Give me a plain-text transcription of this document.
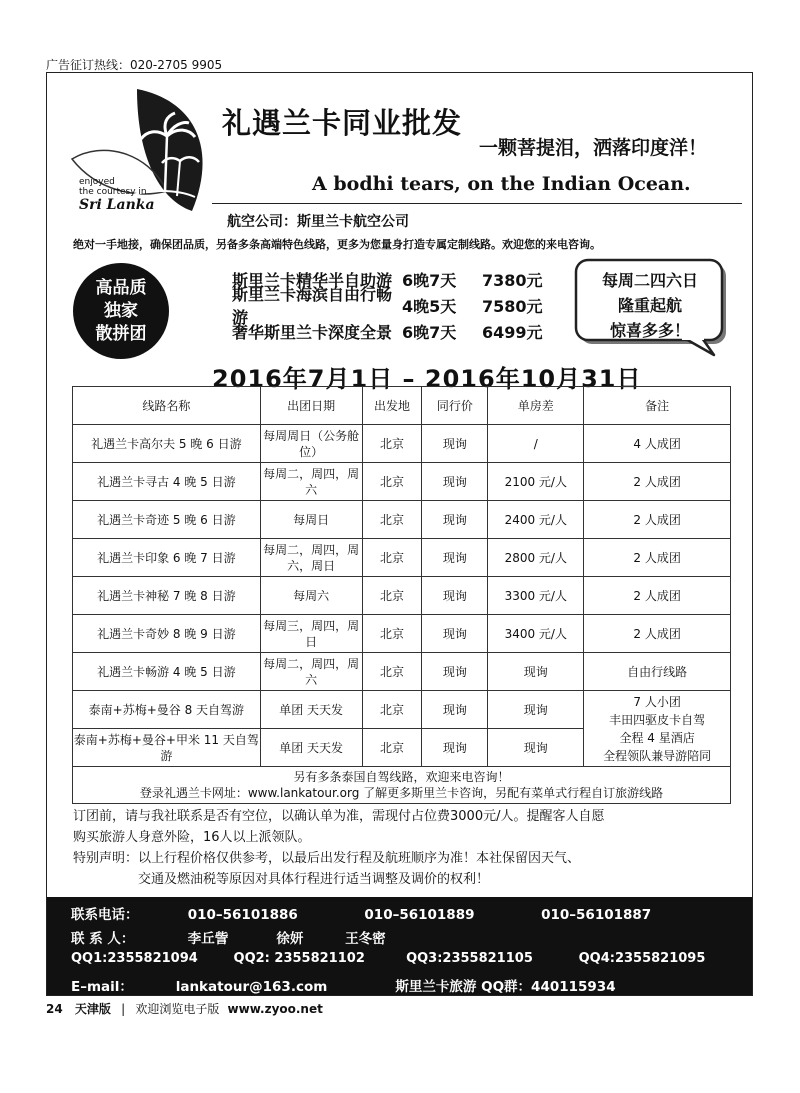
广告征订热线：020-2705 9905
enjoyed
the courtesy in
Sri Lanka
礼遇兰卡同业批发
一颗菩提泪，洒落印度洋！
A bodhi tears, on the Indian Ocean.
航空公司：斯里兰卡航空公司
绝对一手地接，确保团品质，另备多条高端特色线路，更多为您量身打造专属定制线路。欢迎您的来电咨询。
高品质
独家
散拼团
斯里兰卡精华半自助游 6晚7天	7380元
斯里兰卡海滨自由行畅游
4晚5天	7580元
奢华斯里兰卡深度全景 6晚7天	6499元
每周二四六日
隆重起航
惊喜多多！
2016年7月1日 – 2016年10月31日
线路名称	出团日期	出发地	同行价	单房差	备注
礼遇兰卡高尔夫 5 晚 6 日游	每周周日（公务舱位）	北京	现询	/	4 人成团
礼遇兰卡寻古 4 晚 5 日游	每周二，周四，周六	北京	现询	2100 元/人	2 人成团
礼遇兰卡奇迹 5 晚 6 日游	每周日	北京	现询	2400 元/人	2 人成团
礼遇兰卡印象 6 晚 7 日游	每周二，周四，周六，周日	北京	现询	2800 元/人	2 人成团
礼遇兰卡神秘 7 晚 8 日游	每周六	北京	现询	3300 元/人	2 人成团
礼遇兰卡奇妙 8 晚 9 日游	每周三，周四，周日	北京	现询	3400 元/人	2 人成团
礼遇兰卡畅游 4 晚 5 日游	每周二，周四，周六	北京	现询	现询	自由行线路
泰南+苏梅+曼谷 8 天自驾游	单团 天天发	北京	现询	现询	7 人小团
丰田四驱皮卡自驾
全程 4 星酒店
全程领队兼导游陪同

泰南+苏梅+曼谷+甲米 11 天自驾游	单团 天天发	北京	现询	现询	

另有多条泰国自驾线路，欢迎来电咨询！
登录礼遇兰卡网址：www.lankatour.org 了解更多斯里兰卡咨询，另配有菜单式行程自订旅游线路					
订团前，请与我社联系是否有空位，以确认单为准，需现付占位费3000元/人。提醒客人自愿
购买旅游人身意外险，16人以上派领队。
特别声明：以上行程价格仅供参考，以最后出发行程及航班顺序为准！本社保留因天气、
　　　　　交通及燃油税等原因对具体行程进行适当调整及调价的权利！
联系电话：	010–56101886	010–56101889	010–56101887
联 系 人：	李丘訾	徐妍	王冬密
QQ1:2355821094	QQ2: 2355821102	QQ3:2355821105	QQ4:2355821095
E–mail：	lankatour@163.com	斯里兰卡旅游 QQ群：440115934
24 天津版 | 欢迎浏览电子版 www.zyoo.net
